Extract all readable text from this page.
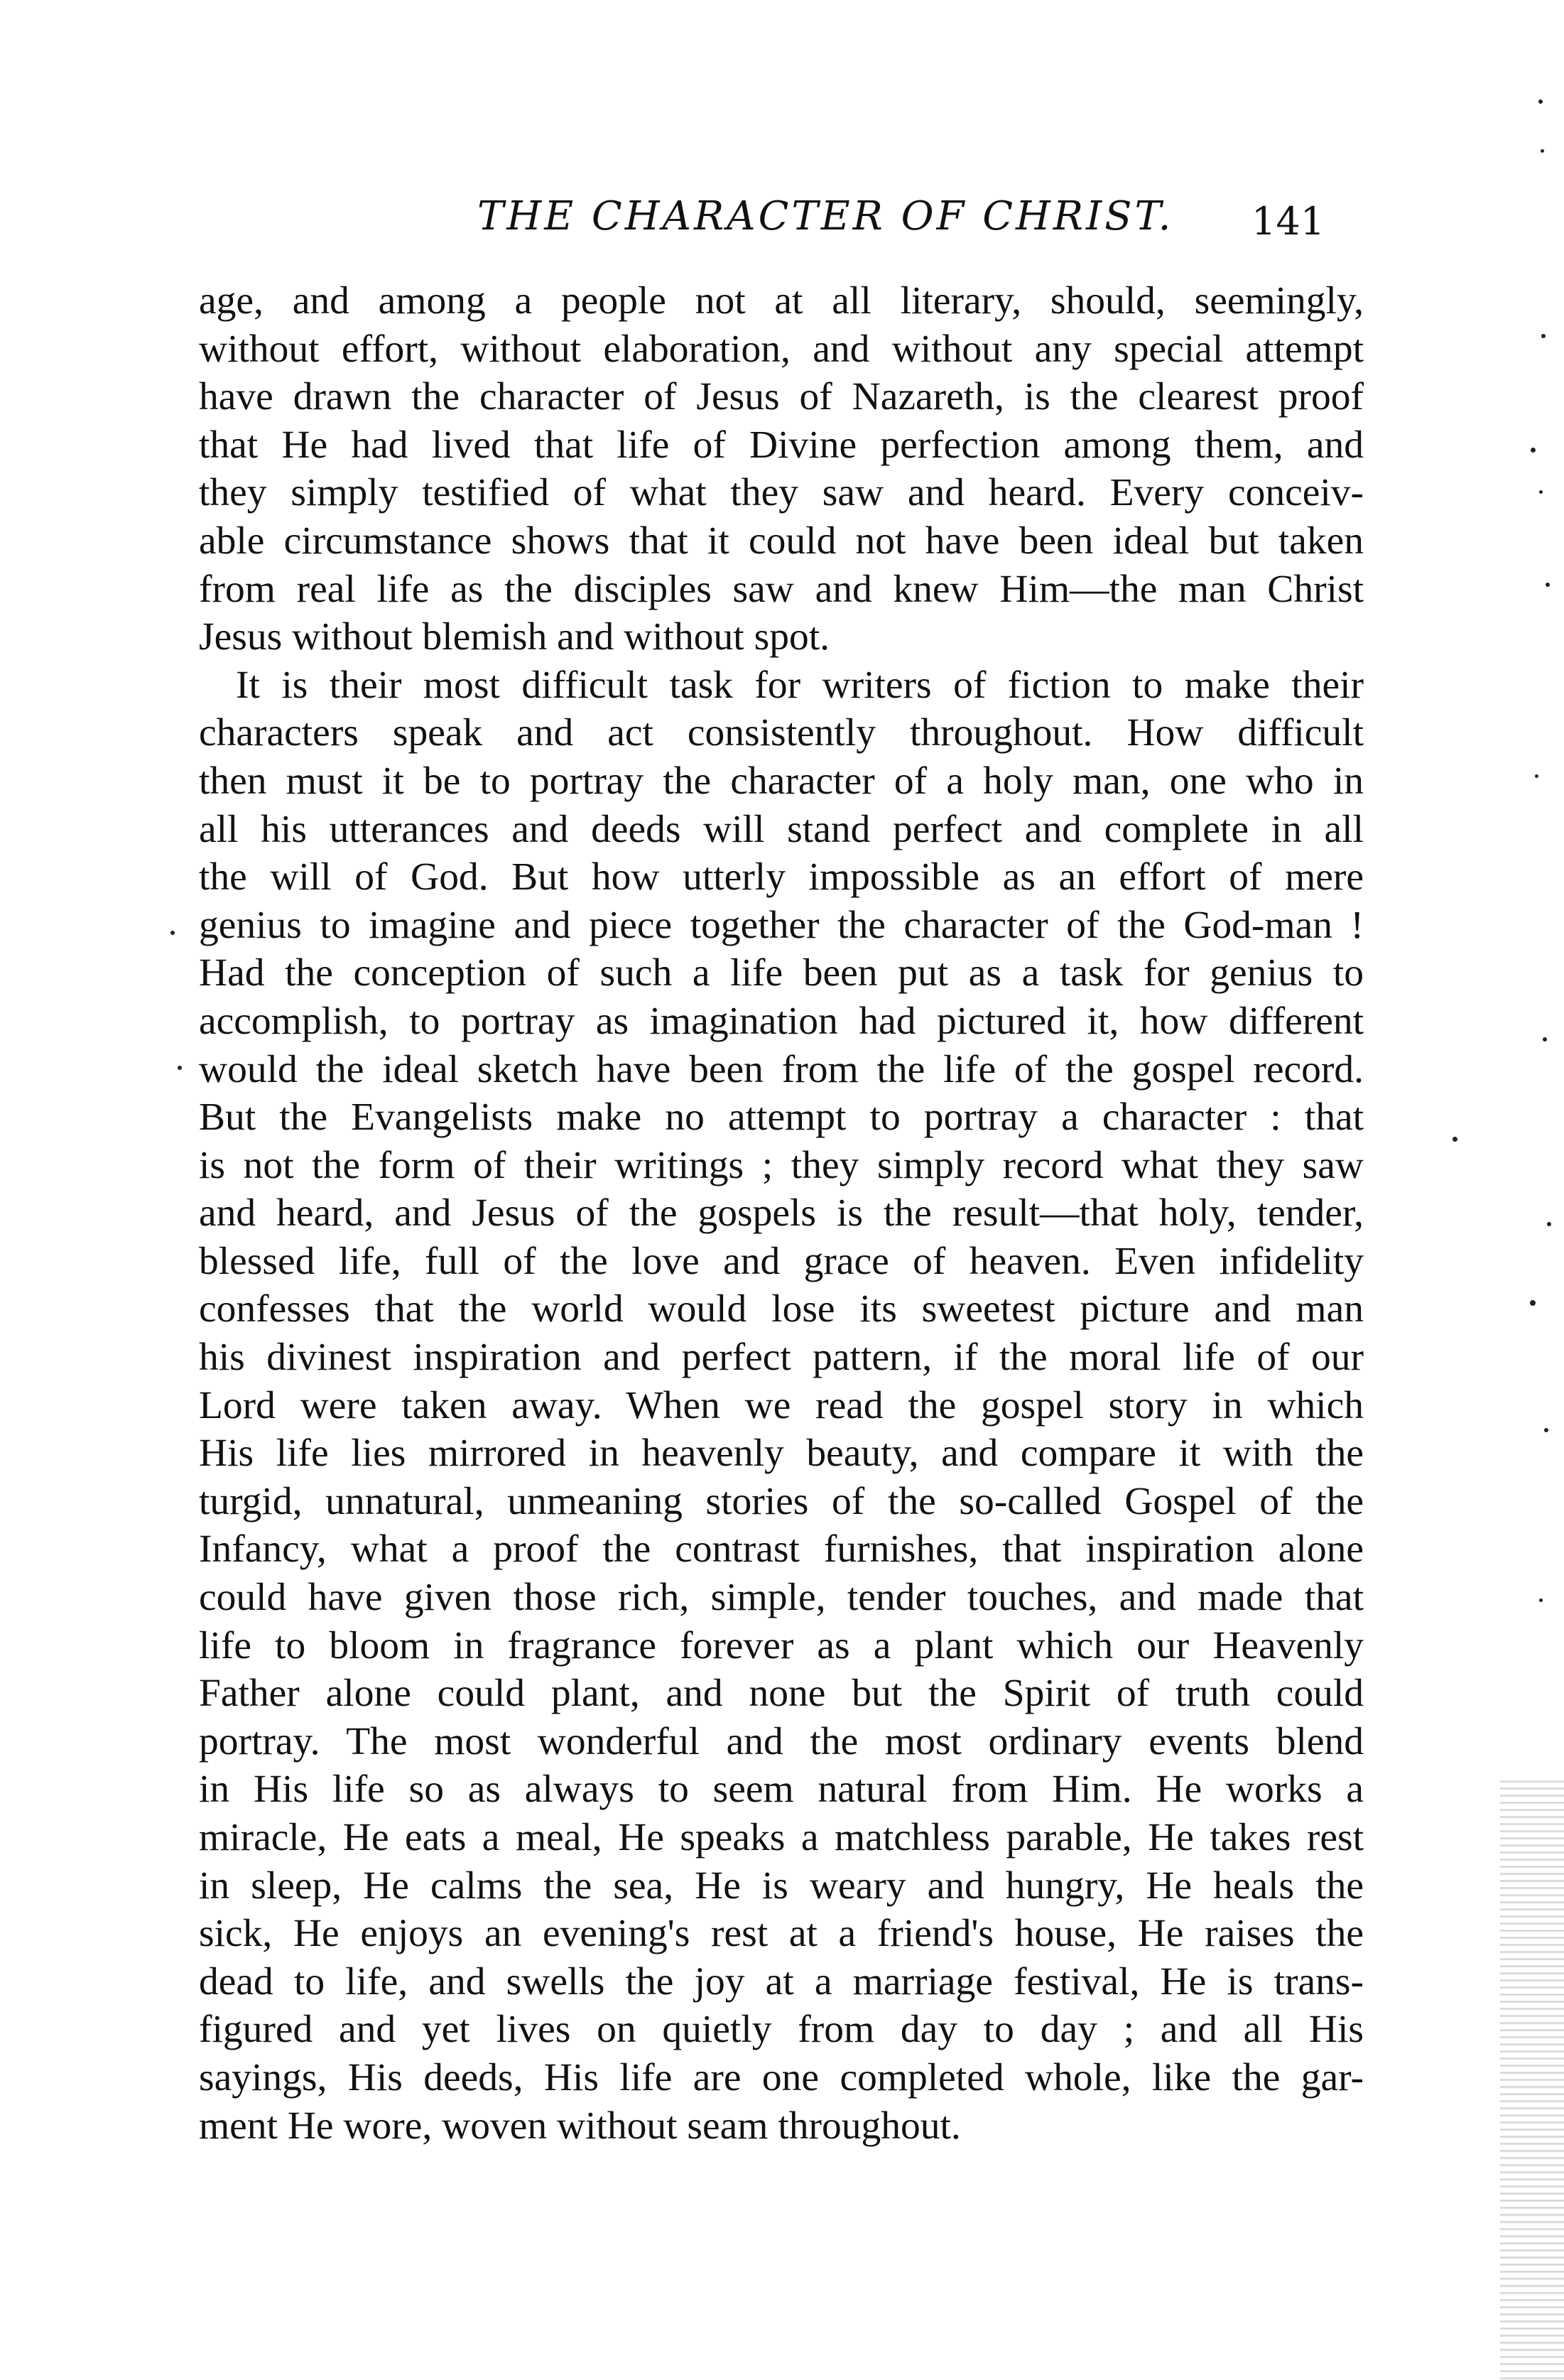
THE CHARACTER OF CHRIST. 141
age, and among a people not at all literary, should, seemingly,
without effort, without elaboration, and without any special attempt
have drawn the character of Jesus of Nazareth, is the clearest proof
that He had lived that life of Divine perfection among them, and
they simply testified of what they saw and heard. Every conceiv-
able circumstance shows that it could not have been ideal but taken
from real life as the disciples saw and knew Him—the man Christ
Jesus without blemish and without spot.
It is their most difficult task for writers of fiction to make their
characters speak and act consistently throughout. How difficult
then must it be to portray the character of a holy man, one who in
all his utterances and deeds will stand perfect and complete in all
the will of God. But how utterly impossible as an effort of mere
genius to imagine and piece together the character of the God-man !
Had the conception of such a life been put as a task for genius to
accomplish, to portray as imagination had pictured it, how different
would the ideal sketch have been from the life of the gospel record.
But the Evangelists make no attempt to portray a character : that
is not the form of their writings ; they simply record what they saw
and heard, and Jesus of the gospels is the result—that holy, tender,
blessed life, full of the love and grace of heaven. Even infidelity
confesses that the world would lose its sweetest picture and man
his divinest inspiration and perfect pattern, if the moral life of our
Lord were taken away. When we read the gospel story in which
His life lies mirrored in heavenly beauty, and compare it with the
turgid, unnatural, unmeaning stories of the so-called Gospel of the
Infancy, what a proof the contrast furnishes, that inspiration alone
could have given those rich, simple, tender touches, and made that
life to bloom in fragrance forever as a plant which our Heavenly
Father alone could plant, and none but the Spirit of truth could
portray. The most wonderful and the most ordinary events blend
in His life so as always to seem natural from Him. He works a
miracle, He eats a meal, He speaks a matchless parable, He takes rest
in sleep, He calms the sea, He is weary and hungry, He heals the
sick, He enjoys an evening's rest at a friend's house, He raises the
dead to life, and swells the joy at a marriage festival, He is trans-
figured and yet lives on quietly from day to day ; and all His
sayings, His deeds, His life are one completed whole, like the gar-
ment He wore, woven without seam throughout.
